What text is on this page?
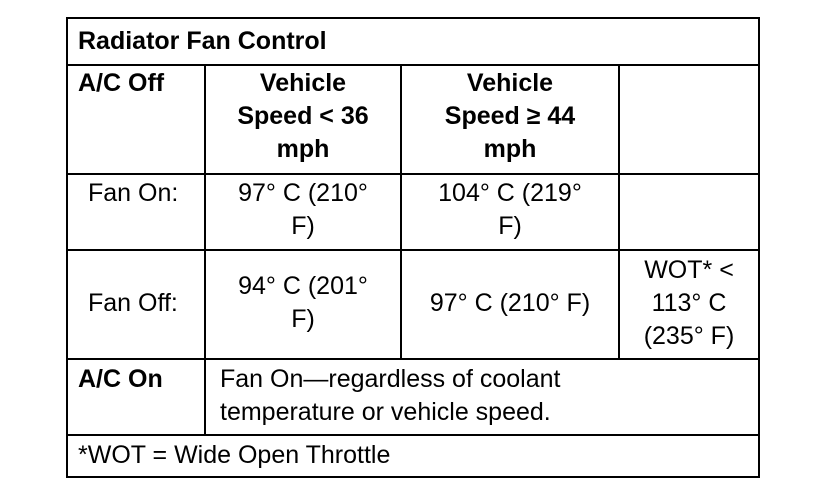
Radiator Fan Control
A/C Off	Vehicle
Speed < 36
mph
Vehicle
Speed ≥ 44
mph
Fan On:	97° C (210°
F)
104° C (219°
F)
Fan Off:
94° C (201°
F)
97° C (210° F)
WOT* <
113° C
(235° F)
A/C On Fan On—regardless of coolant
temperature or vehicle speed.
*WOT = Wide Open Throttle
